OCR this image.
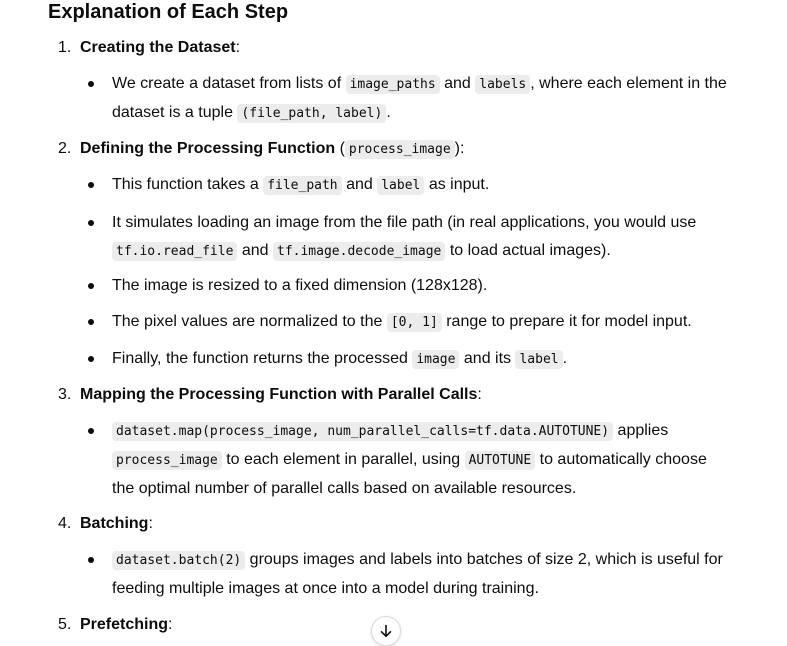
Explanation of Each Step
1. Creating the Dataset:
We create a dataset from lists of image_paths and labels , where each element in the dataset is a tuple (file_path, label) .
2. Defining the Processing Function ( process_image ):
This function takes a file_path and label as input.
It simulates loading an image from the file path (in real applications, you would use tf.io.read_file and tf.image.decode_image to load actual images).
The image is resized to a fixed dimension (128x128).
The pixel values are normalized to the [0, 1] range to prepare it for model input.
Finally, the function returns the processed image and its label .
3. Mapping the Processing Function with Parallel Calls:
dataset.map(process_image, num_parallel_calls=tf.data.AUTOTUNE) applies process_image to each element in parallel, using AUTOTUNE to automatically choose the optimal number of parallel calls based on available resources.
4. Batching:
dataset.batch(2) groups images and labels into batches of size 2, which is useful for feeding multiple images at once into a model during training.
5. Prefetching:
